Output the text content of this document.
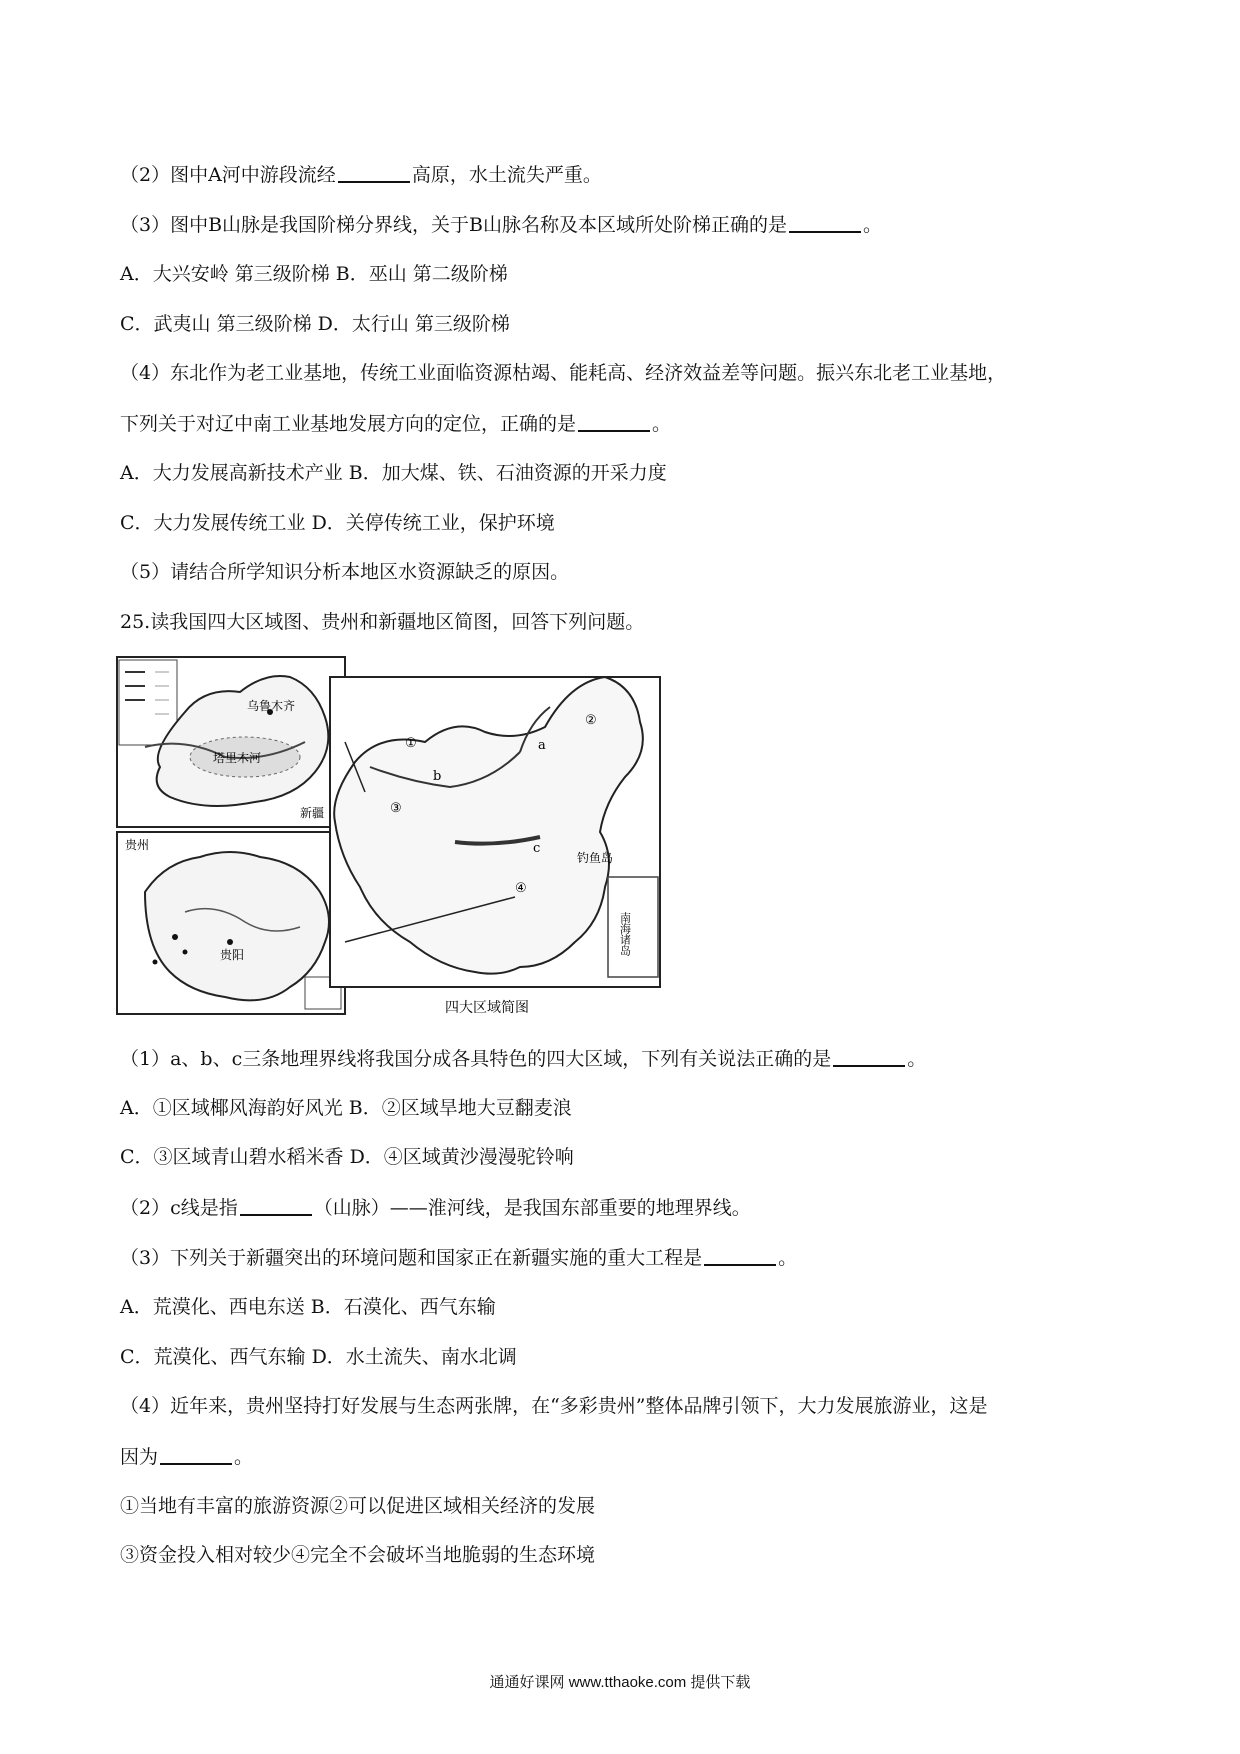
（2）图中A河中游段流经	高原，水土流失严重。
（3）图中B山脉是我国阶梯分界线，关于B山脉名称及本区域所处阶梯正确的是	。
A．大兴安岭 第三级阶梯 B．巫山 第二级阶梯
C．武夷山 第三级阶梯 D．太行山 第三级阶梯
（4）东北作为老工业基地，传统工业面临资源枯竭、能耗高、经济效益差等问题。振兴东北老工业基地，
下列关于对辽中南工业基地发展方向的定位，正确的是	。
A．大力发展高新技术产业 B．加大煤、铁、石油资源的开采力度
C．大力发展传统工业 D．关停传统工业，保护环境
（5）请结合所学知识分析本地区水资源缺乏的原因。
25.读我国四大区域图、贵州和新疆地区简图，回答下列问题。
乌鲁木齐
塔里木河
新疆
贵州
贵阳
①
②
③
④
a
b
c
钓鱼岛
南海诸岛
四大区域简图
（1）a、b、c三条地理界线将我国分成各具特色的四大区域，下列有关说法正确的是	。
A．①区域椰风海韵好风光 B．②区域旱地大豆翻麦浪
C．③区域青山碧水稻米香 D．④区域黄沙漫漫驼铃响
（2）c线是指	（山脉）——淮河线，是我国东部重要的地理界线。
（3）下列关于新疆突出的环境问题和国家正在新疆实施的重大工程是	。
A．荒漠化、西电东送 B．石漠化、西气东输
C．荒漠化、西气东输 D．水土流失、南水北调
（4）近年来，贵州坚持打好发展与生态两张牌，在“多彩贵州”整体品牌引领下，大力发展旅游业，这是
因为	。
①当地有丰富的旅游资源②可以促进区域相关经济的发展
③资金投入相对较少④完全不会破坏当地脆弱的生态环境
通通好课网 www.tthaoke.com 提供下载
